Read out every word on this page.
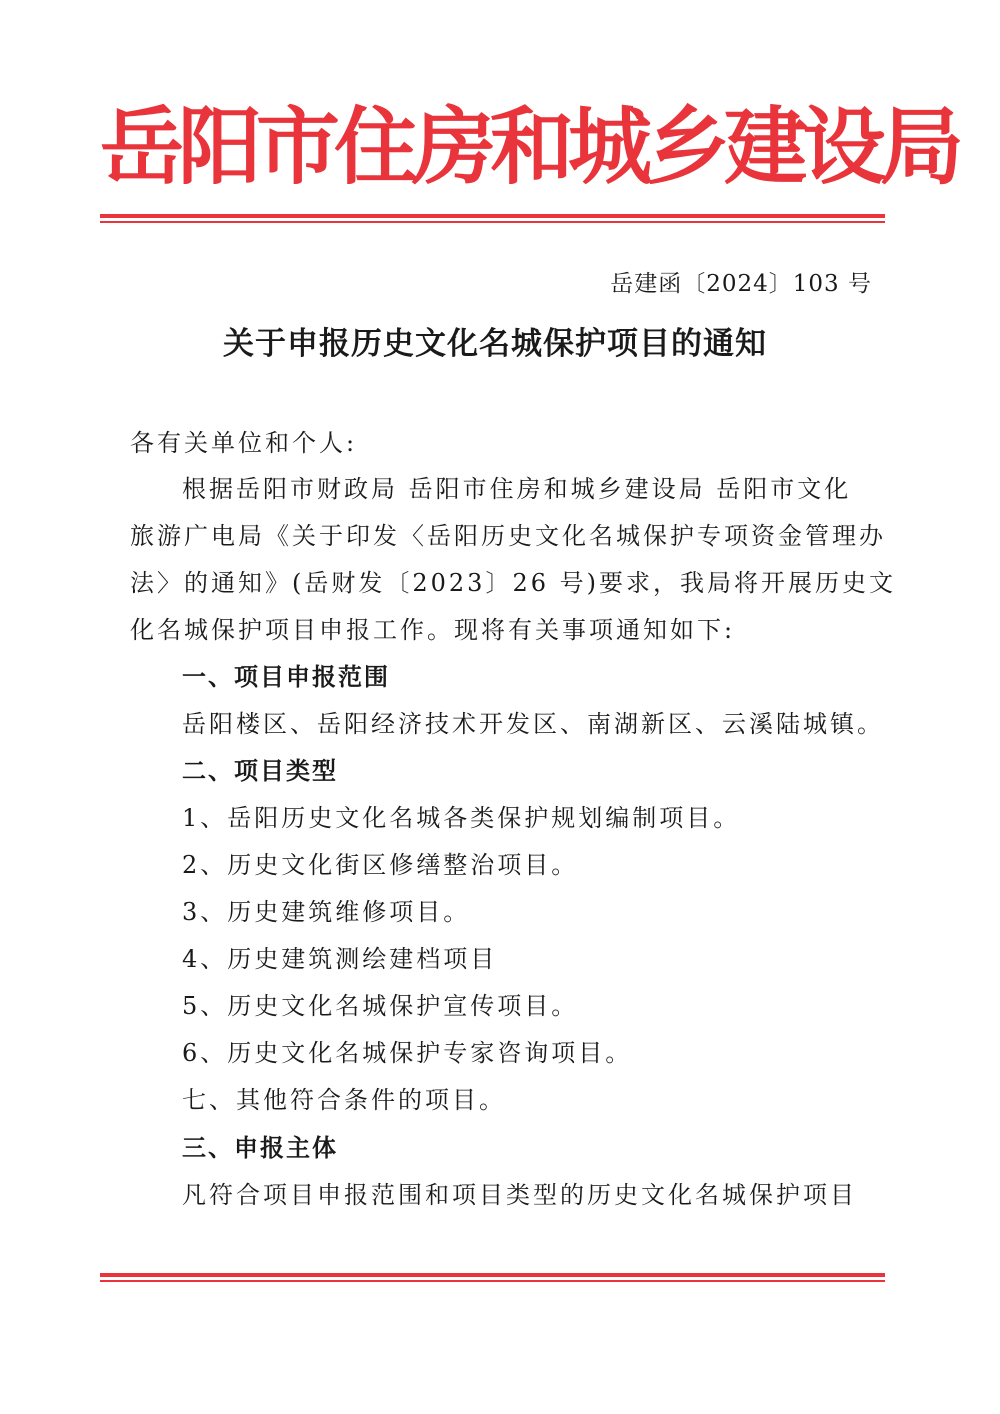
岳阳市住房和城乡建设局
岳建函〔2024〕103 号
关于申报历史文化名城保护项目的通知
各有关单位和个人:
根据岳阳市财政局 岳阳市住房和城乡建设局 岳阳市文化
旅游广电局《关于印发〈岳阳历史文化名城保护专项资金管理办
法〉的通知》(岳财发〔2023〕26 号)要求，我局将开展历史文
化名城保护项目申报工作。现将有关事项通知如下:
一、项目申报范围
岳阳楼区、岳阳经济技术开发区、南湖新区、云溪陆城镇。
二、项目类型
1、岳阳历史文化名城各类保护规划编制项目。
2、历史文化街区修缮整治项目。
3、历史建筑维修项目。
4、历史建筑测绘建档项目
5、历史文化名城保护宣传项目。
6、历史文化名城保护专家咨询项目。
七、其他符合条件的项目。
三、申报主体
凡符合项目申报范围和项目类型的历史文化名城保护项目
